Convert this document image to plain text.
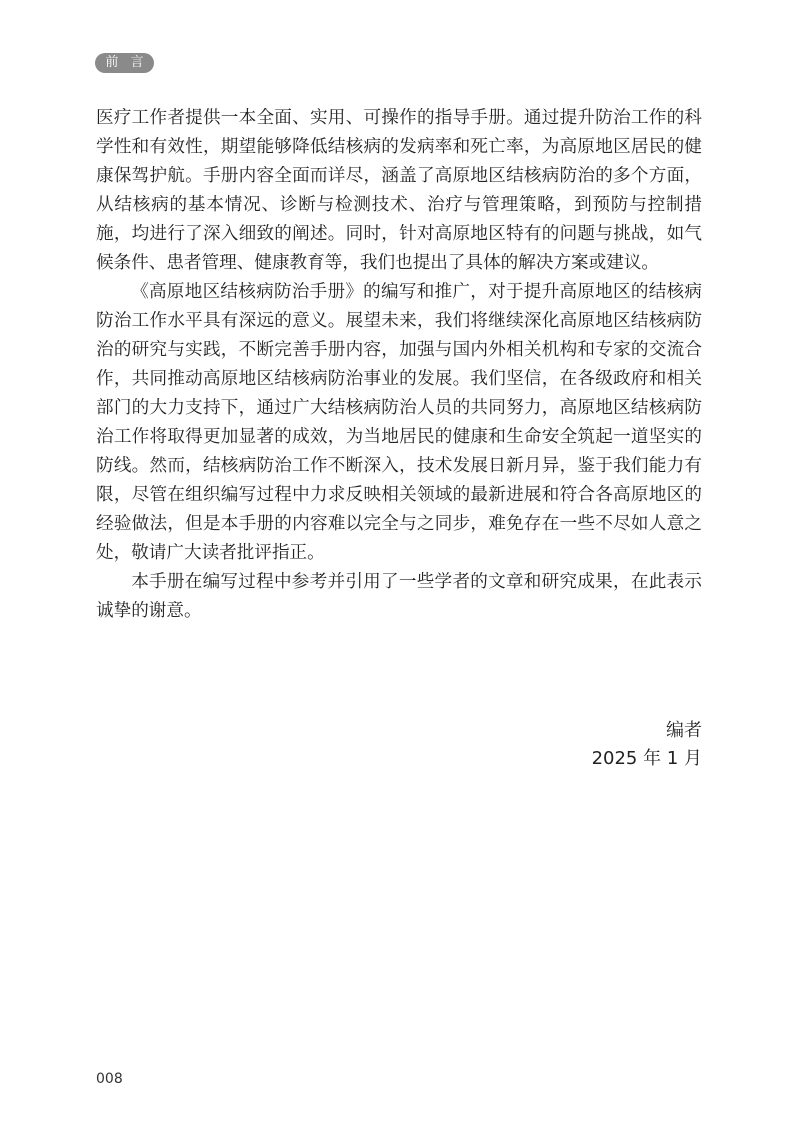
前 言

医疗工作者提供一本全面、实用、可操作的指导手册。通过提升防治工作的科学性和有效性，期望能够降低结核病的发病率和死亡率，为高原地区居民的健康保驾护航。手册内容全面而详尽，涵盖了高原地区结核病防治的多个方面，从结核病的基本情况、诊断与检测技术、治疗与管理策略，到预防与控制措施，均进行了深入细致的阐述。同时，针对高原地区特有的问题与挑战，如气候条件、患者管理、健康教育等，我们也提出了具体的解决方案或建议。

《高原地区结核病防治手册》的编写和推广，对于提升高原地区的结核病防治工作水平具有深远的意义。展望未来，我们将继续深化高原地区结核病防治的研究与实践，不断完善手册内容，加强与国内外相关机构和专家的交流合作，共同推动高原地区结核病防治事业的发展。我们坚信，在各级政府和相关部门的大力支持下，通过广大结核病防治人员的共同努力，高原地区结核病防治工作将取得更加显著的成效，为当地居民的健康和生命安全筑起一道坚实的防线。然而，结核病防治工作不断深入，技术发展日新月异，鉴于我们能力有限，尽管在组织编写过程中力求反映相关领域的最新进展和符合各高原地区的经验做法，但是本手册的内容难以完全与之同步，难免存在一些不尽如人意之处，敬请广大读者批评指正。

本手册在编写过程中参考并引用了一些学者的文章和研究成果，在此表示诚挚的谢意。

编者
2025 年 1 月
008
